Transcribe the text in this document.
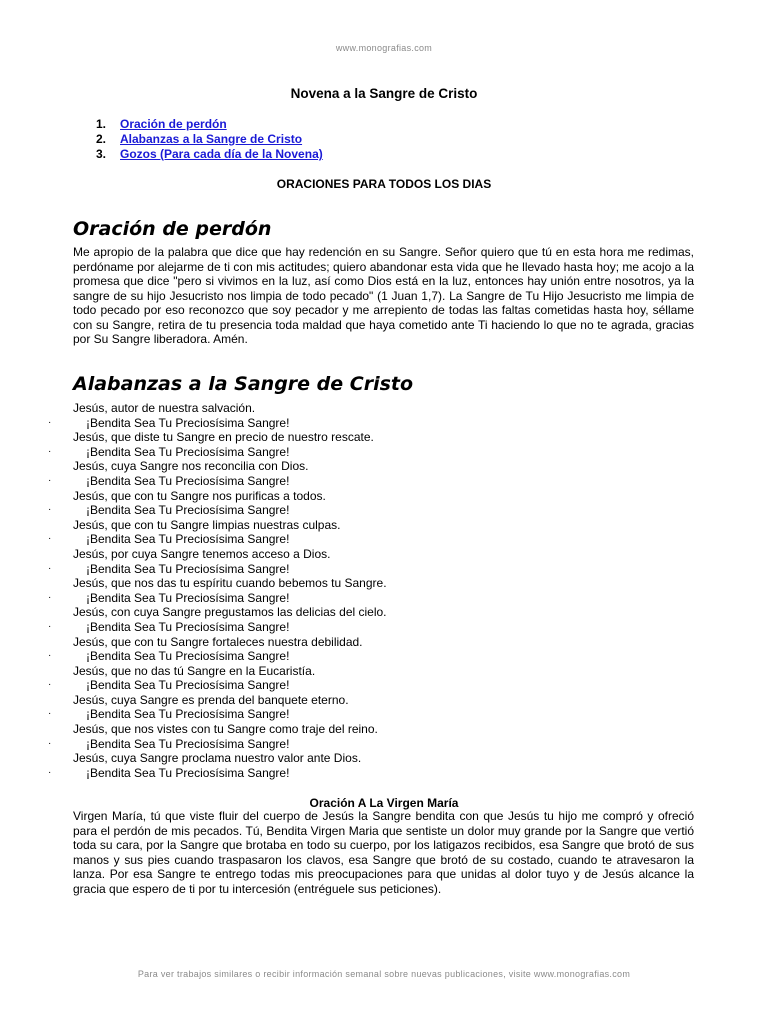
www.monografias.com
Novena a la Sangre de Cristo
1.	Oración de perdón
2.	Alabanzas a la Sangre de Cristo
3.	Gozos (Para cada día de la Novena)
ORACIONES PARA TODOS LOS DIAS
Oración de perdón

Me apropio de la palabra que dice que hay redención en su Sangre. Señor quiero que tú en esta hora me redimas, perdóname por alejarme de ti con mis actitudes; quiero abandonar esta vida que he llevado hasta hoy; me acojo a la promesa que dice "pero si vivimos en la luz, así como Dios está en la luz, entonces hay unión entre nosotros, ya la sangre de su hijo Jesucristo nos limpia de todo pecado" (1 Juan 1,7). La Sangre de Tu Hijo Jesucristo me limpia de todo pecado por eso reconozco que soy pecador y me arrepiento de todas las faltas cometidas hasta hoy, séllame con su Sangre, retira de tu presencia toda maldad que haya cometido ante Ti haciendo lo que no te agrada, gracias por Su Sangre liberadora. Amén.

Alabanzas a la Sangre de Cristo
Jesús, autor de nuestra salvación.
·	¡Bendita Sea Tu Preciosísima Sangre!
Jesús, que diste tu Sangre en precio de nuestro rescate.
·	¡Bendita Sea Tu Preciosísima Sangre!
Jesús, cuya Sangre nos reconcilia con Dios.
·	¡Bendita Sea Tu Preciosísima Sangre!
Jesús, que con tu Sangre nos purificas a todos.
·	¡Bendita Sea Tu Preciosísima Sangre!
Jesús, que con tu Sangre limpias nuestras culpas.
·	¡Bendita Sea Tu Preciosísima Sangre!
Jesús, por cuya Sangre tenemos acceso a Dios.
·	¡Bendita Sea Tu Preciosísima Sangre!
Jesús, que nos das tu espíritu cuando bebemos tu Sangre.
·	¡Bendita Sea Tu Preciosísima Sangre!
Jesús, con cuya Sangre pregustamos las delicias del cielo.
·	¡Bendita Sea Tu Preciosísima Sangre!
Jesús, que con tu Sangre fortaleces nuestra debilidad.
·	¡Bendita Sea Tu Preciosísima Sangre!
Jesús, que no das tú Sangre en la Eucaristía.
·	¡Bendita Sea Tu Preciosísima Sangre!
Jesús, cuya Sangre es prenda del banquete eterno.
·	¡Bendita Sea Tu Preciosísima Sangre!
Jesús, que nos vistes con tu Sangre como traje del reino.
·	¡Bendita Sea Tu Preciosísima Sangre!
Jesús, cuya Sangre proclama nuestro valor ante Dios.
·	¡Bendita Sea Tu Preciosísima Sangre!
Oración A La Virgen María

Virgen María, tú que viste fluir del cuerpo de Jesús la Sangre bendita con que Jesús tu hijo me compró y ofreció para el perdón de mis pecados. Tú, Bendita Virgen Maria que sentiste un dolor muy grande por la Sangre que vertió toda su cara, por la Sangre que brotaba en todo su cuerpo, por los latigazos recibidos, esa Sangre que brotó de sus manos y sus pies cuando traspasaron los clavos, esa Sangre que brotó de su costado, cuando te atravesaron la lanza. Por esa Sangre te entrego todas mis preocupaciones para que unidas al dolor tuyo y de Jesús alcance la gracia que espero de ti por tu intercesión (entréguele sus peticiones).

Para ver trabajos similares o recibir información semanal sobre nuevas publicaciones, visite www.monografias.com
